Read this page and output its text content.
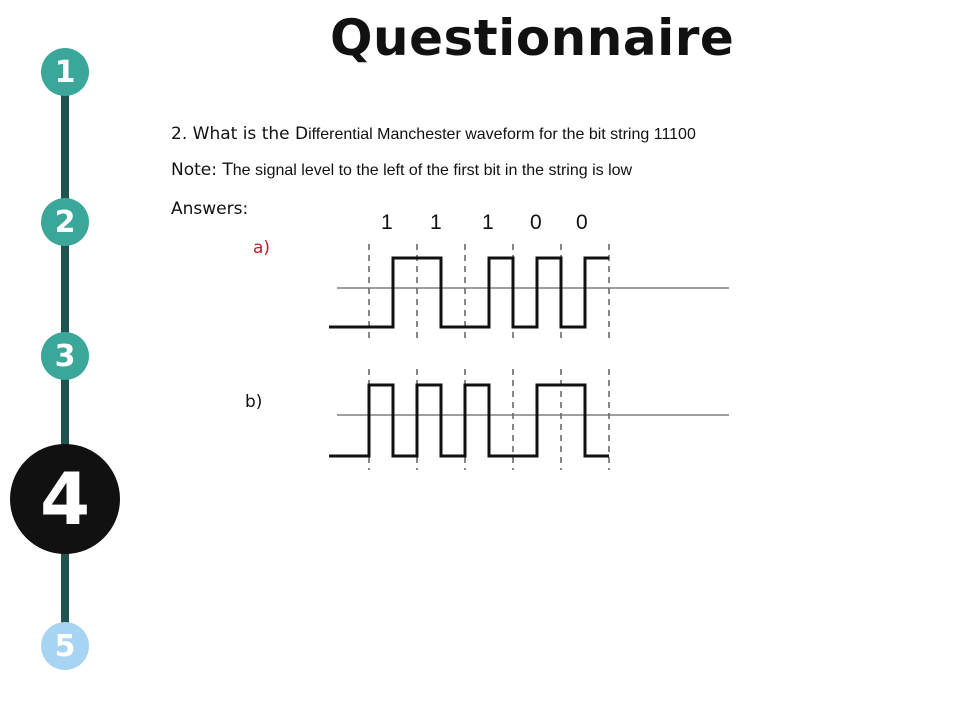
1
2
3
4
5
Questionnaire
2. What is the Differential Manchester waveform for the bit string 11100
Note: The signal level to the left of the first bit in the string is low
Answers:
1 1 1 0 0
a)
b)
